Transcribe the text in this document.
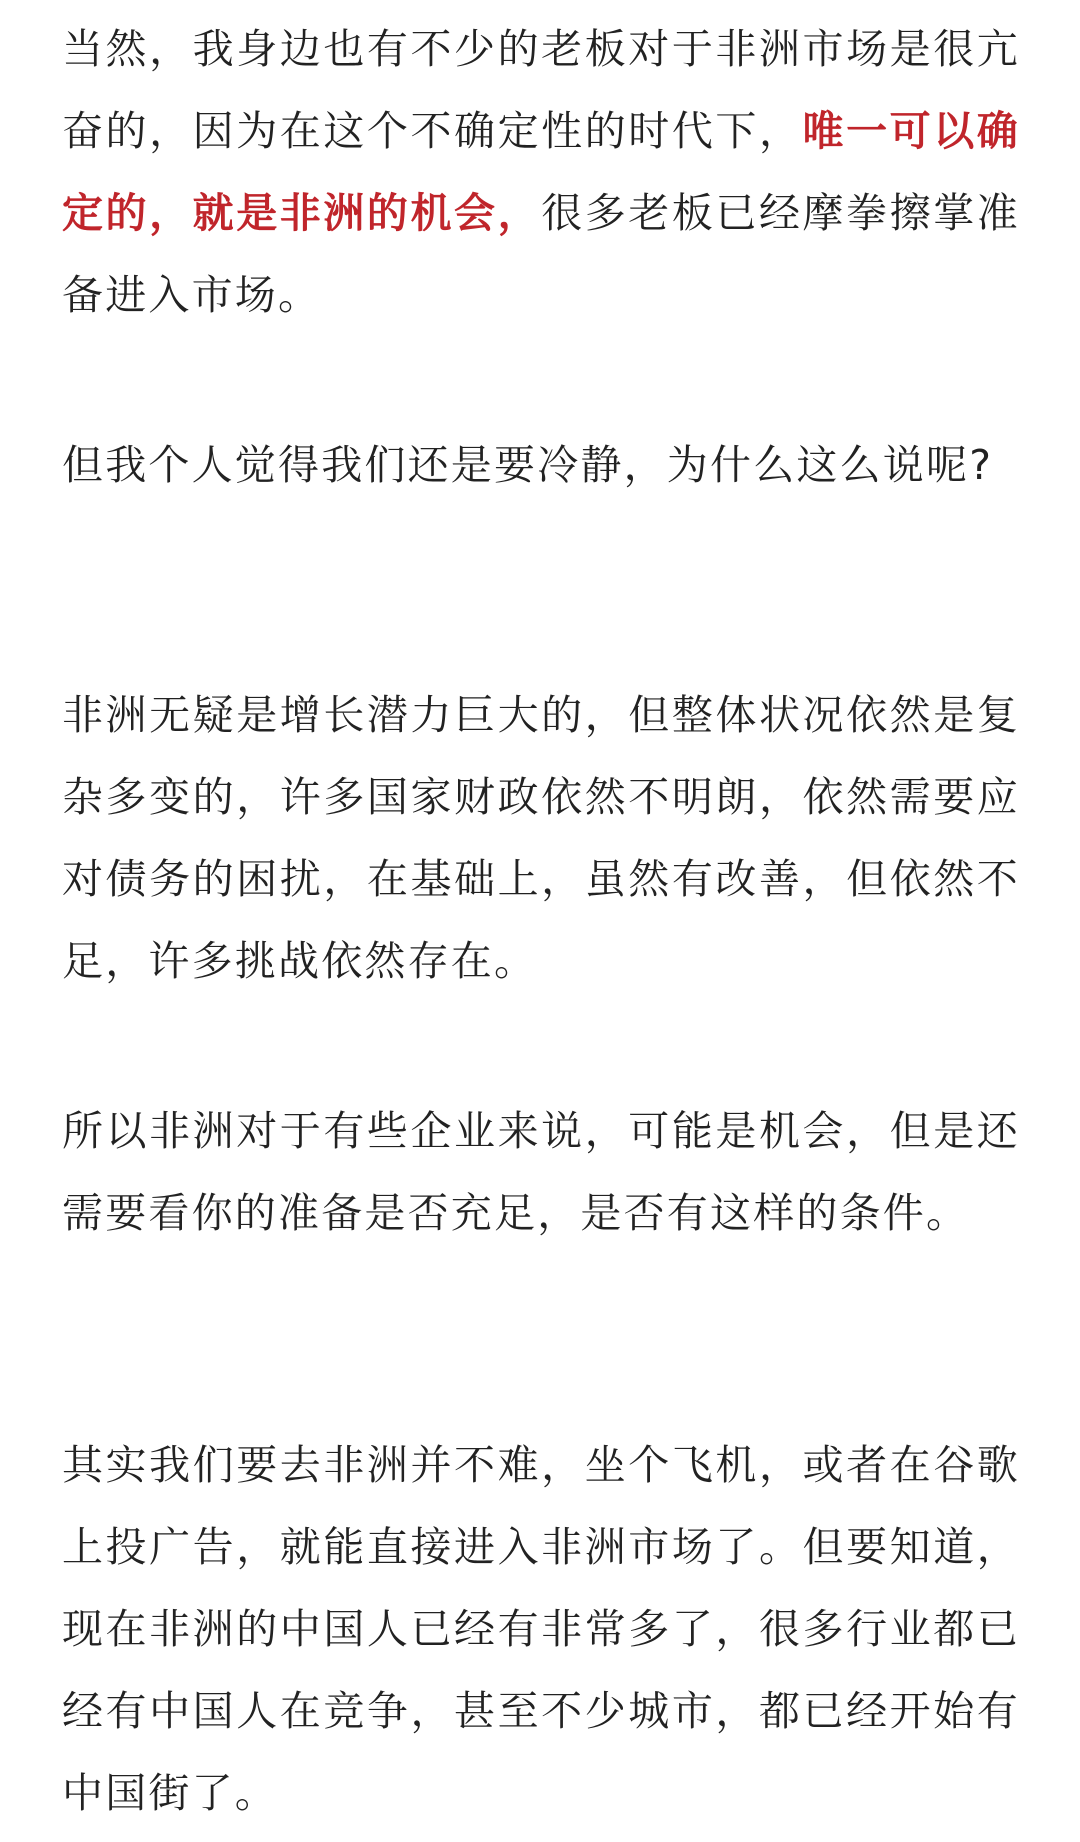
当然，我身边也有不少的老板对于非洲市场是很亢奋的，因为在这个不确定性的时代下，唯一可以确定的，就是非洲的机会，很多老板已经摩拳擦掌准备进入市场。

但我个人觉得我们还是要冷静，为什么这么说呢?

非洲无疑是增长潜力巨大的，但整体状况依然是复杂多变的，许多国家财政依然不明朗，依然需要应对债务的困扰，在基础上，虽然有改善，但依然不足，许多挑战依然存在。

所以非洲对于有些企业来说，可能是机会，但是还需要看你的准备是否充足，是否有这样的条件。

其实我们要去非洲并不难，坐个飞机，或者在谷歌上投广告，就能直接进入非洲市场了。但要知道，现在非洲的中国人已经有非常多了，很多行业都已经有中国人在竞争，甚至不少城市，都已经开始有中国街了。
